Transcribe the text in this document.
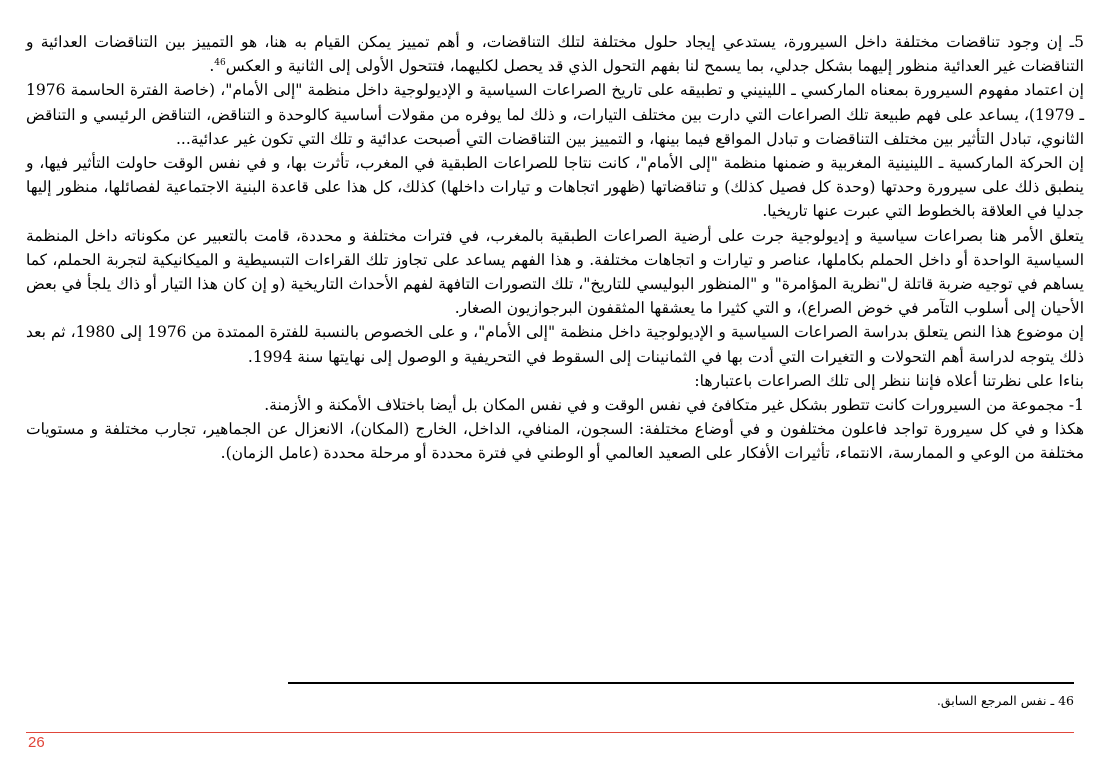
5ـ إن وجود تناقضات مختلفة داخل السيرورة، يستدعي إيجاد حلول مختلفة لتلك التناقضات، و أهم تمييز يمكن القيام به هنا، هو التمييز بين التناقضات العدائية و التناقضات غير العدائية منظور إليهما بشكل جدلي، بما يسمح لنا بفهم التحول الذي قد يحصل لكليهما، فتتحول الأولى إلى الثانية و العكس$^{46}$.

إن اعتماد مفهوم السيرورة بمعناه الماركسي ـ اللينيني و تطبيقه على تاريخ الصراعات السياسية و الإديولوجية داخل منظمة "إلى الأمام"، (خاصة الفترة الحاسمة 1976 ـ 1979)، يساعد على فهم طبيعة تلك الصراعات التي دارت بين مختلف التيارات، و ذلك لما يوفره من مقولات أساسية كالوحدة و التناقض، التناقض الرئيسي و التناقض الثانوي، تبادل التأثير بين مختلف التناقضات و تبادل المواقع فيما بينها، و التمييز بين التناقضات التي أصبحت عدائية و تلك التي تكون غير عدائية...

إن الحركة الماركسية ـ اللينينية المغربية و ضمنها منظمة "إلى الأمام"، كانت نتاجا للصراعات الطبقية في المغرب، تأثرت بها، و في نفس الوقت حاولت التأثير فيها، و ينطبق ذلك على سيرورة وحدتها (وحدة كل فصيل كذلك) و تناقضاتها (ظهور اتجاهات و تيارات داخلها) كذلك، كل هذا على قاعدة البنية الاجتماعية لفصائلها، منظور إليها جدليا في العلاقة بالخطوط التي عبرت عنها تاريخيا.

يتعلق الأمر هنا بصراعات سياسية و إديولوجية جرت على أرضية الصراعات الطبقية بالمغرب، في فترات مختلفة و محددة، قامت بالتعبير عن مكوناته داخل المنظمة السياسية الواحدة أو داخل الحملم بكاملها، عناصر و تيارات و اتجاهات مختلفة. و هذا الفهم يساعد على تجاوز تلك القراءات التبسيطية و الميكانيكية لتجربة الحملم، كما يساهم في توجيه ضربة قاتلة ل"نظرية المؤامرة" و "المنظور البوليسي للتاريخ"، تلك التصورات التافهة لفهم الأحداث التاريخية (و إن كان هذا التيار أو ذاك يلجأ في بعض الأحيان إلى أسلوب التآمر في خوض الصراع)، و التي كثيرا ما يعشقها المثقفون البرجوازيون الصغار.

إن موضوع هذا النص يتعلق بدراسة الصراعات السياسية و الإديولوجية داخل منظمة "إلى الأمام"، و على الخصوص بالنسبة للفترة الممتدة من 1976 إلى 1980، ثم بعد ذلك يتوجه لدراسة أهم التحولات و التغيرات التي أدت بها في الثمانينات إلى السقوط في التحريفية و الوصول إلى نهايتها سنة 1994.

بناءا على نظرتنا أعلاه فإننا ننظر إلى تلك الصراعات باعتبارها:

1- مجموعة من السيرورات كانت تتطور بشكل غير متكافئ في نفس الوقت و في نفس المكان بل أيضا باختلاف الأمكنة و الأزمنة.

هكذا و في كل سيرورة تواجد فاعلون مختلفون و في أوضاع مختلفة: السجون، المنافي، الداخل، الخارج (المكان)، الانعزال عن الجماهير، تجارب مختلفة و مستويات مختلفة من الوعي و الممارسة، الانتماء، تأثيرات الأفكار على الصعيد العالمي أو الوطني في فترة محددة أو مرحلة محددة (عامل الزمان).

46 ـ نفس المرجع السابق.
26
